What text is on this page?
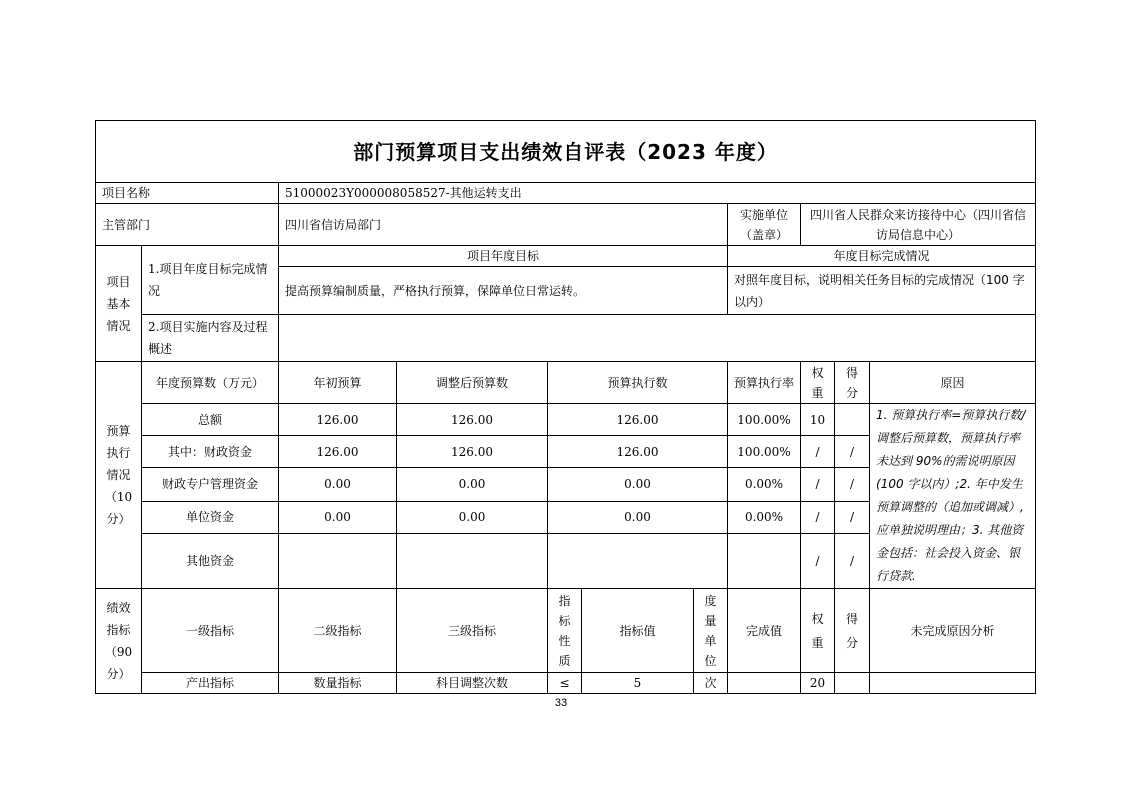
部门预算项目支出绩效自评表（2023 年度）										
项目名称		51000023Y000008058527-其他运转支出								
主管部门		四川省信访局部门					实施单位（盖章）	四川省人民群众来访接待中心（四川省信访局信息中心）		
项目基本情况	1.项目年度目标完成情况	项目年度目标					年度目标完成情况			
		提高预算编制质量，严格执行预算，保障单位日常运转。					对照年度目标，说明相关任务目标的完成情况（100 字以内）			
	2.项目实施内容及过程概述									
预算执行情况（10分）	年度预算数（万元）	年初预算	调整后预算数	预算执行数			预算执行率	权重	得分	原因
	总额	126.00	126.00	126.00			100.00%	10		1. 预算执行率=预算执行数/调整后预算数，预算执行率未达到 90%的需说明原因(100 字以内）;2. 年中发生预算调整的（追加或调减）, 应单独说明理由；3. 其他资金包括：社会投入资金、银行贷款.
	其中：财政资金	126.00	126.00	126.00			100.00%	/	/	
	财政专户管理资金	0.00	0.00	0.00			0.00%	/	/	
	单位资金	0.00	0.00	0.00			0.00%	/	/	
	其他资金							/	/	
绩效指标（90分）	一级指标	二级指标	三级指标	指标性质	指标值	度量单位	完成值	权重	得分	未完成原因分析
	产出指标	数量指标	科目调整次数	≤	5	次		20		
33
